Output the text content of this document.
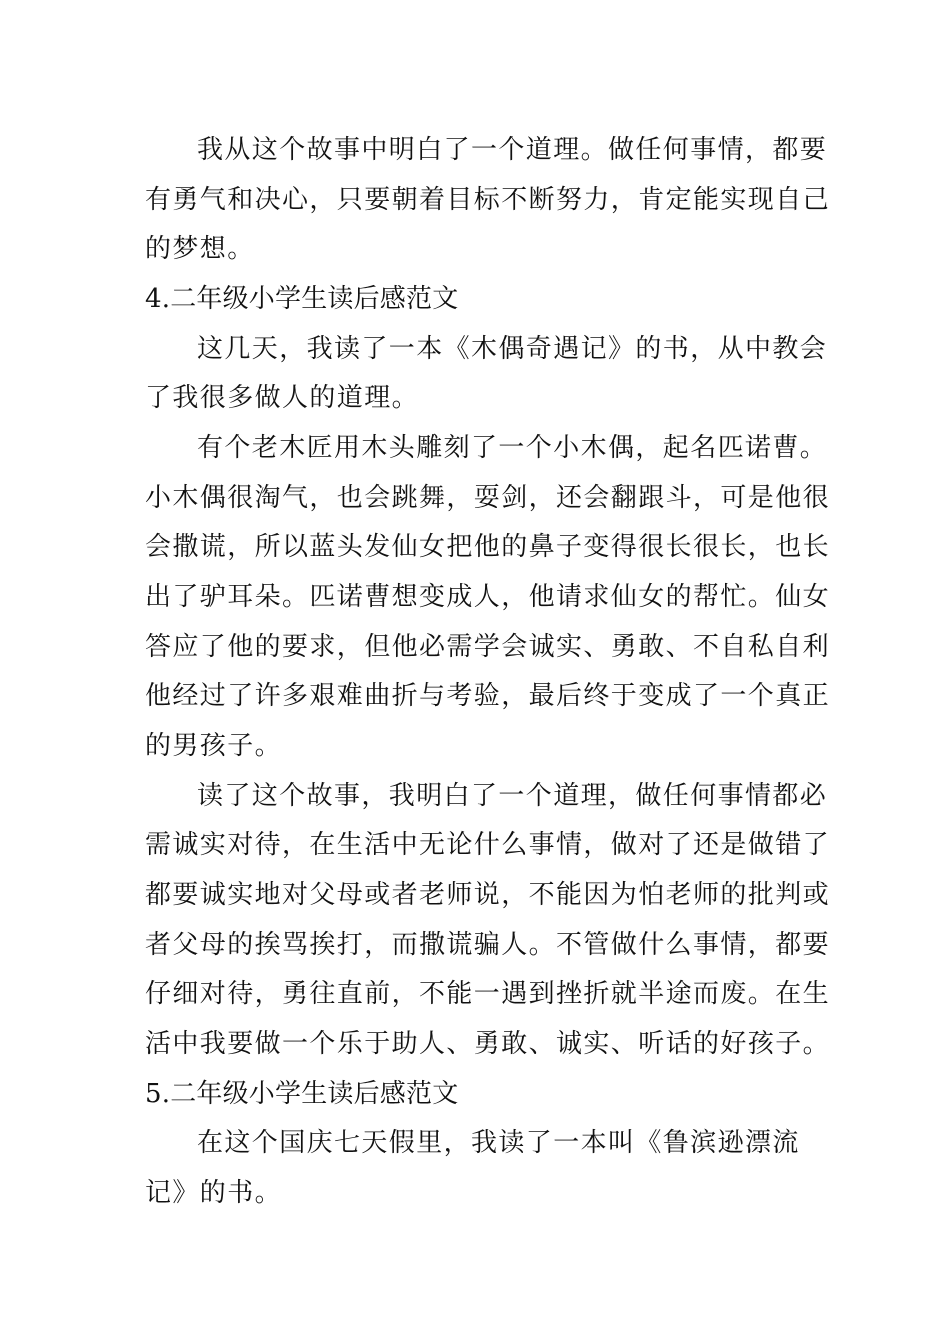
我从这个故事中明白了一个道理。做任何事情，都要
有勇气和决心，只要朝着目标不断努力，肯定能实现自己
的梦想。
4.二年级小学生读后感范文
这几天，我读了一本《木偶奇遇记》的书，从中教会
了我很多做人的道理。
有个老木匠用木头雕刻了一个小木偶，起名匹诺曹。
小木偶很淘气，也会跳舞，耍剑，还会翻跟斗，可是他很
会撒谎，所以蓝头发仙女把他的鼻子变得很长很长，也长
出了驴耳朵。匹诺曹想变成人，他请求仙女的帮忙。仙女
答应了他的要求，但他必需学会诚实、勇敢、不自私自利
他经过了许多艰难曲折与考验，最后终于变成了一个真正
的男孩子。
读了这个故事，我明白了一个道理，做任何事情都必
需诚实对待，在生活中无论什么事情，做对了还是做错了
都要诚实地对父母或者老师说，不能因为怕老师的批判或
者父母的挨骂挨打，而撒谎骗人。不管做什么事情，都要
仔细对待，勇往直前，不能一遇到挫折就半途而废。在生
活中我要做一个乐于助人、勇敢、诚实、听话的好孩子。
5.二年级小学生读后感范文
在这个国庆七天假里，我读了一本叫《鲁滨逊漂流
记》的书。
